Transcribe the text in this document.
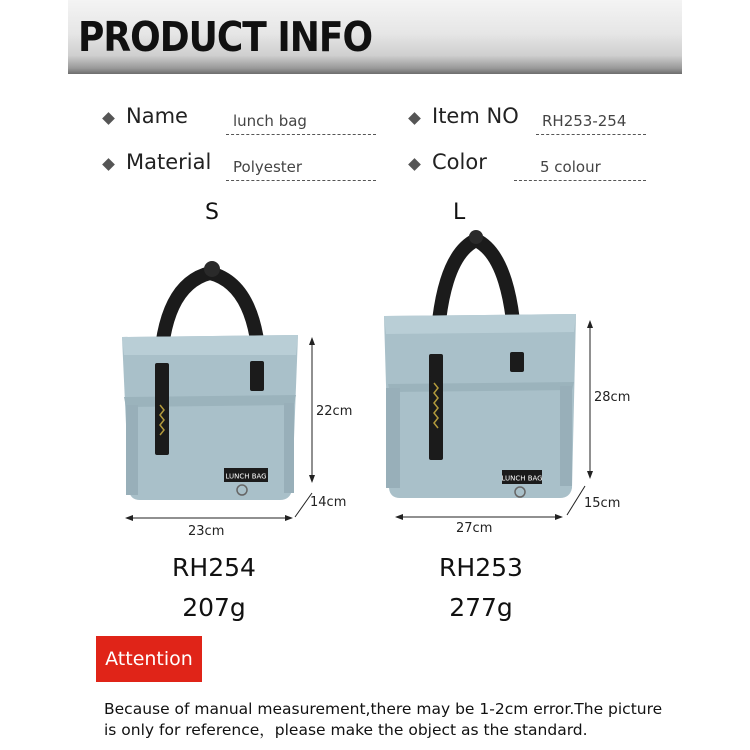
PRODUCT INFO
Name	lunch bag	Item NO RH253-254
Material Polyester	Color	5 colour
S	L
LUNCH BAG
22cm
23cm
14cm
LUNCH BAG
28cm
27cm
15cm
RH254
207g
RH253
277g
Attention
Because of manual measurement,there may be 1-2cm error.The picture is only for reference，please make the object as the standard.
